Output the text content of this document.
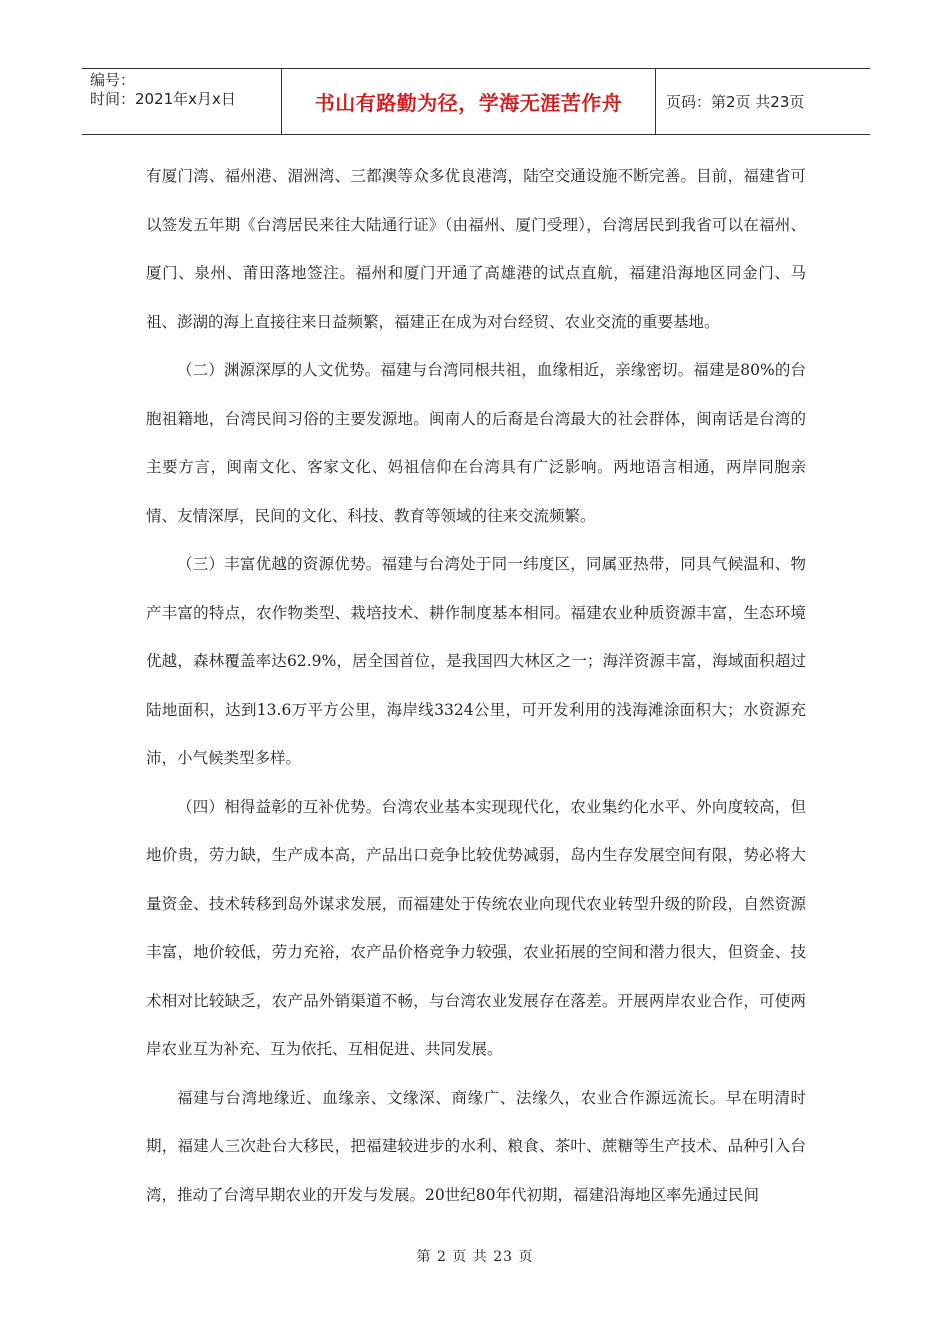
编号：
时间：2021年x月x日	书山有路勤为径，学海无涯苦作舟	页码：第2页 共23页

有厦门湾、福州港、湄洲湾、三都澳等众多优良港湾，陆空交通设施不断完善。目前，福建省可以签发五年期《台湾居民来往大陆通行证》（由福州、厦门受理），台湾居民到我省可以在福州、厦门、泉州、莆田落地签注。福州和厦门开通了高雄港的试点直航，福建沿海地区同金门、马祖、澎湖的海上直接往来日益频繁，福建正在成为对台经贸、农业交流的重要基地。

（二）渊源深厚的人文优势。福建与台湾同根共祖，血缘相近，亲缘密切。福建是80%的台胞祖籍地，台湾民间习俗的主要发源地。闽南人的后裔是台湾最大的社会群体，闽南话是台湾的主要方言，闽南文化、客家文化、妈祖信仰在台湾具有广泛影响。两地语言相通，两岸同胞亲情、友情深厚，民间的文化、科技、教育等领域的往来交流频繁。

（三）丰富优越的资源优势。福建与台湾处于同一纬度区，同属亚热带，同具气候温和、物产丰富的特点，农作物类型、栽培技术、耕作制度基本相同。福建农业种质资源丰富，生态环境优越，森林覆盖率达62.9%，居全国首位，是我国四大林区之一；海洋资源丰富，海域面积超过陆地面积，达到13.6万平方公里，海岸线3324公里，可开发利用的浅海滩涂面积大；水资源充沛，小气候类型多样。

（四）相得益彰的互补优势。台湾农业基本实现现代化，农业集约化水平、外向度较高，但地价贵，劳力缺，生产成本高，产品出口竞争比较优势减弱，岛内生存发展空间有限，势必将大量资金、技术转移到岛外谋求发展，而福建处于传统农业向现代农业转型升级的阶段，自然资源丰富，地价较低，劳力充裕，农产品价格竞争力较强，农业拓展的空间和潜力很大，但资金、技术相对比较缺乏，农产品外销渠道不畅，与台湾农业发展存在落差。开展两岸农业合作，可使两岸农业互为补充、互为依托、互相促进、共同发展。

福建与台湾地缘近、血缘亲、文缘深、商缘广、法缘久，农业合作源远流长。早在明清时期，福建人三次赴台大移民，把福建较进步的水利、粮食、茶叶、蔗糖等生产技术、品种引入台湾，推动了台湾早期农业的开发与发展。20世纪80年代初期，福建沿海地区率先通过民间

第 2 页 共 23 页
